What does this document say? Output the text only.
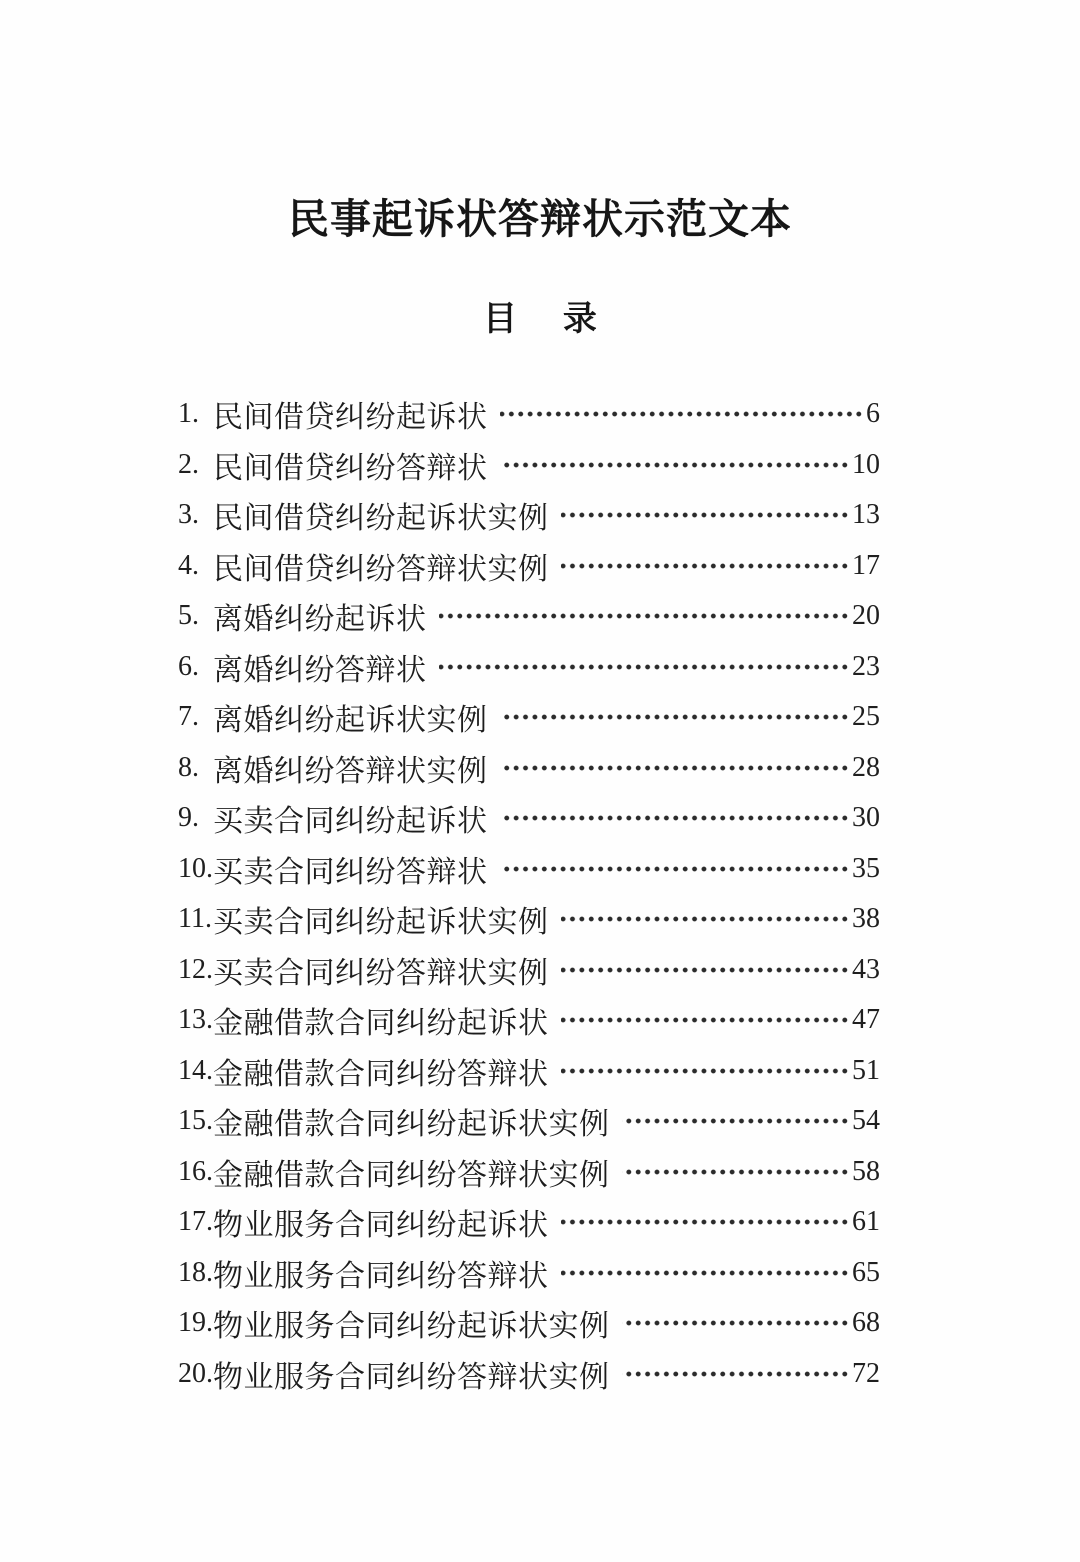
民事起诉状答辩状示范文本
目录
1. 民间借贷纠纷起诉状	6
2. 民间借贷纠纷答辩状	10
3. 民间借贷纠纷起诉状实例	13
4. 民间借贷纠纷答辩状实例	17
5. 离婚纠纷起诉状	20
6. 离婚纠纷答辩状	23
7. 离婚纠纷起诉状实例	25
8. 离婚纠纷答辩状实例	28
9. 买卖合同纠纷起诉状	30
10. 买卖合同纠纷答辩状	35
11. 买卖合同纠纷起诉状实例	38
12. 买卖合同纠纷答辩状实例	43
13. 金融借款合同纠纷起诉状	47
14. 金融借款合同纠纷答辩状	51
15. 金融借款合同纠纷起诉状实例	54
16. 金融借款合同纠纷答辩状实例	58
17. 物业服务合同纠纷起诉状	61
18. 物业服务合同纠纷答辩状	65
19. 物业服务合同纠纷起诉状实例	68
20. 物业服务合同纠纷答辩状实例	72
